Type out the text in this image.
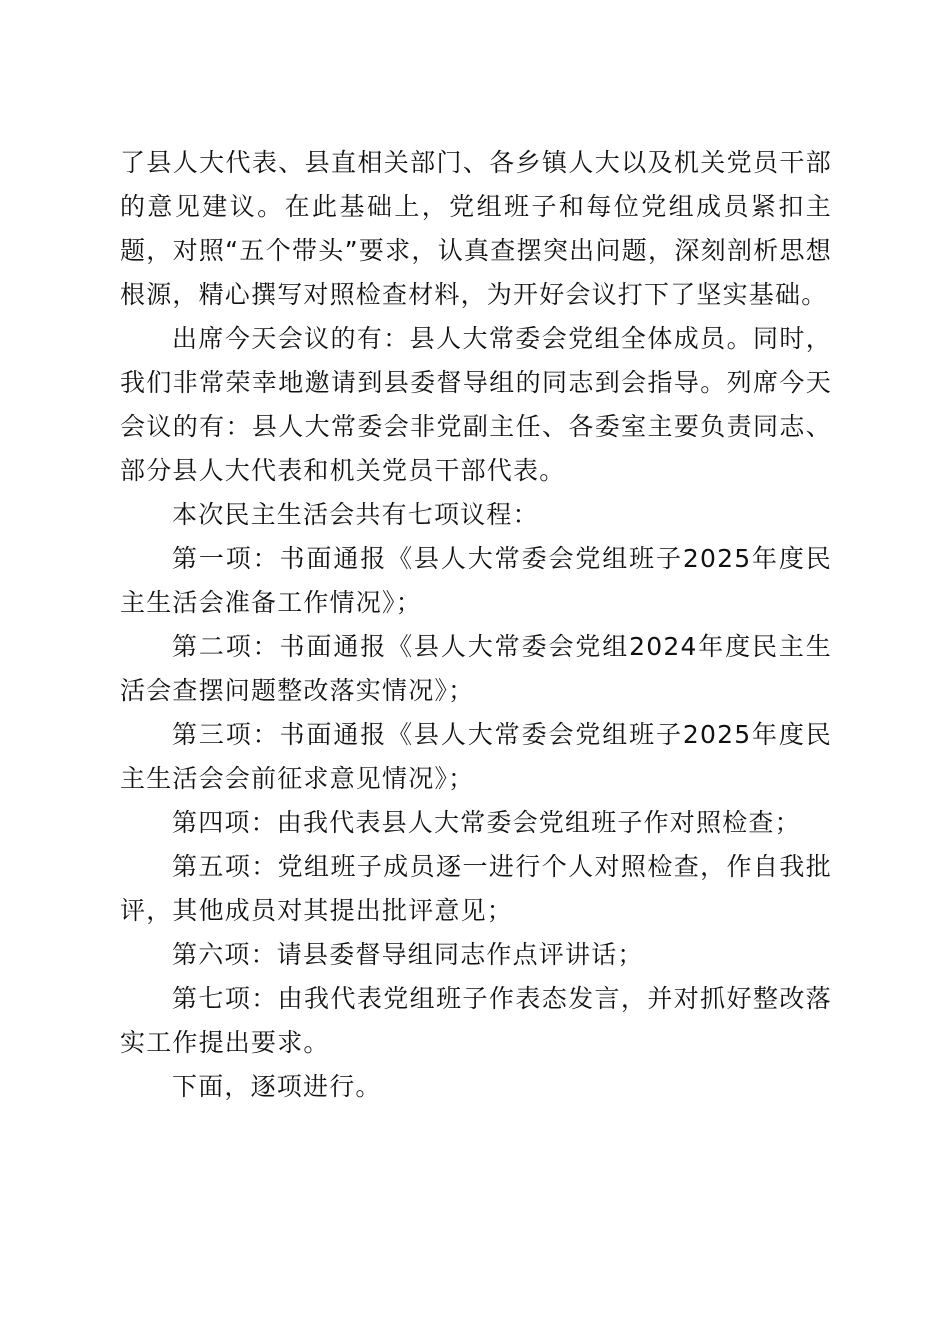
了县人大代表、县直相关部门、各乡镇人大以及机关党员干部的意见建议。在此基础上，党组班子和每位党组成员紧扣主题，对照“五个带头”要求，认真查摆突出问题，深刻剖析思想根源，精心撰写对照检查材料，为开好会议打下了坚实基础。

出席今天会议的有：县人大常委会党组全体成员。同时，我们非常荣幸地邀请到县委督导组的同志到会指导。列席今天会议的有：县人大常委会非党副主任、各委室主要负责同志、部分县人大代表和机关党员干部代表。

本次民主生活会共有七项议程：

第一项：书面通报《县人大常委会党组班子2025年度民主生活会准备工作情况》；

第二项：书面通报《县人大常委会党组2024年度民主生活会查摆问题整改落实情况》；

第三项：书面通报《县人大常委会党组班子2025年度民主生活会会前征求意见情况》；

第四项：由我代表县人大常委会党组班子作对照检查；

第五项：党组班子成员逐一进行个人对照检查，作自我批评，其他成员对其提出批评意见；

第六项：请县委督导组同志作点评讲话；

第七项：由我代表党组班子作表态发言，并对抓好整改落实工作提出要求。

下面，逐项进行。
